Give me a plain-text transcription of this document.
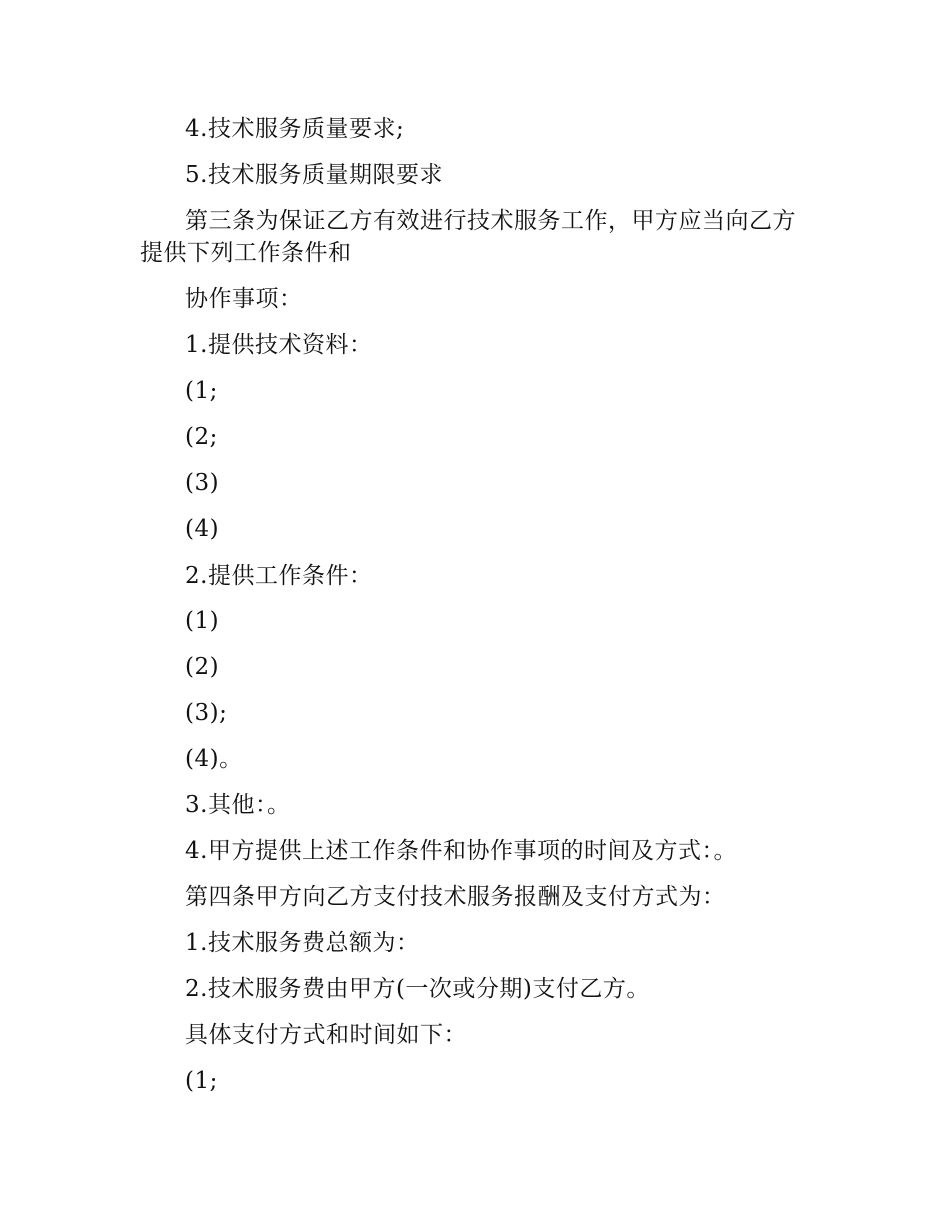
4.技术服务质量要求;
5.技术服务质量期限要求
第三条为保证乙方有效进行技术服务工作，甲方应当向乙方提供下列工作条件和
协作事项：
1.提供技术资料：
(1;
(2;
(3)
(4)
2.提供工作条件：
(1)
(2)
(3);
(4)。
3.其他：。
4.甲方提供上述工作条件和协作事项的时间及方式：。
第四条甲方向乙方支付技术服务报酬及支付方式为：
1.技术服务费总额为：
2.技术服务费由甲方(一次或分期)支付乙方。
具体支付方式和时间如下：
(1;
